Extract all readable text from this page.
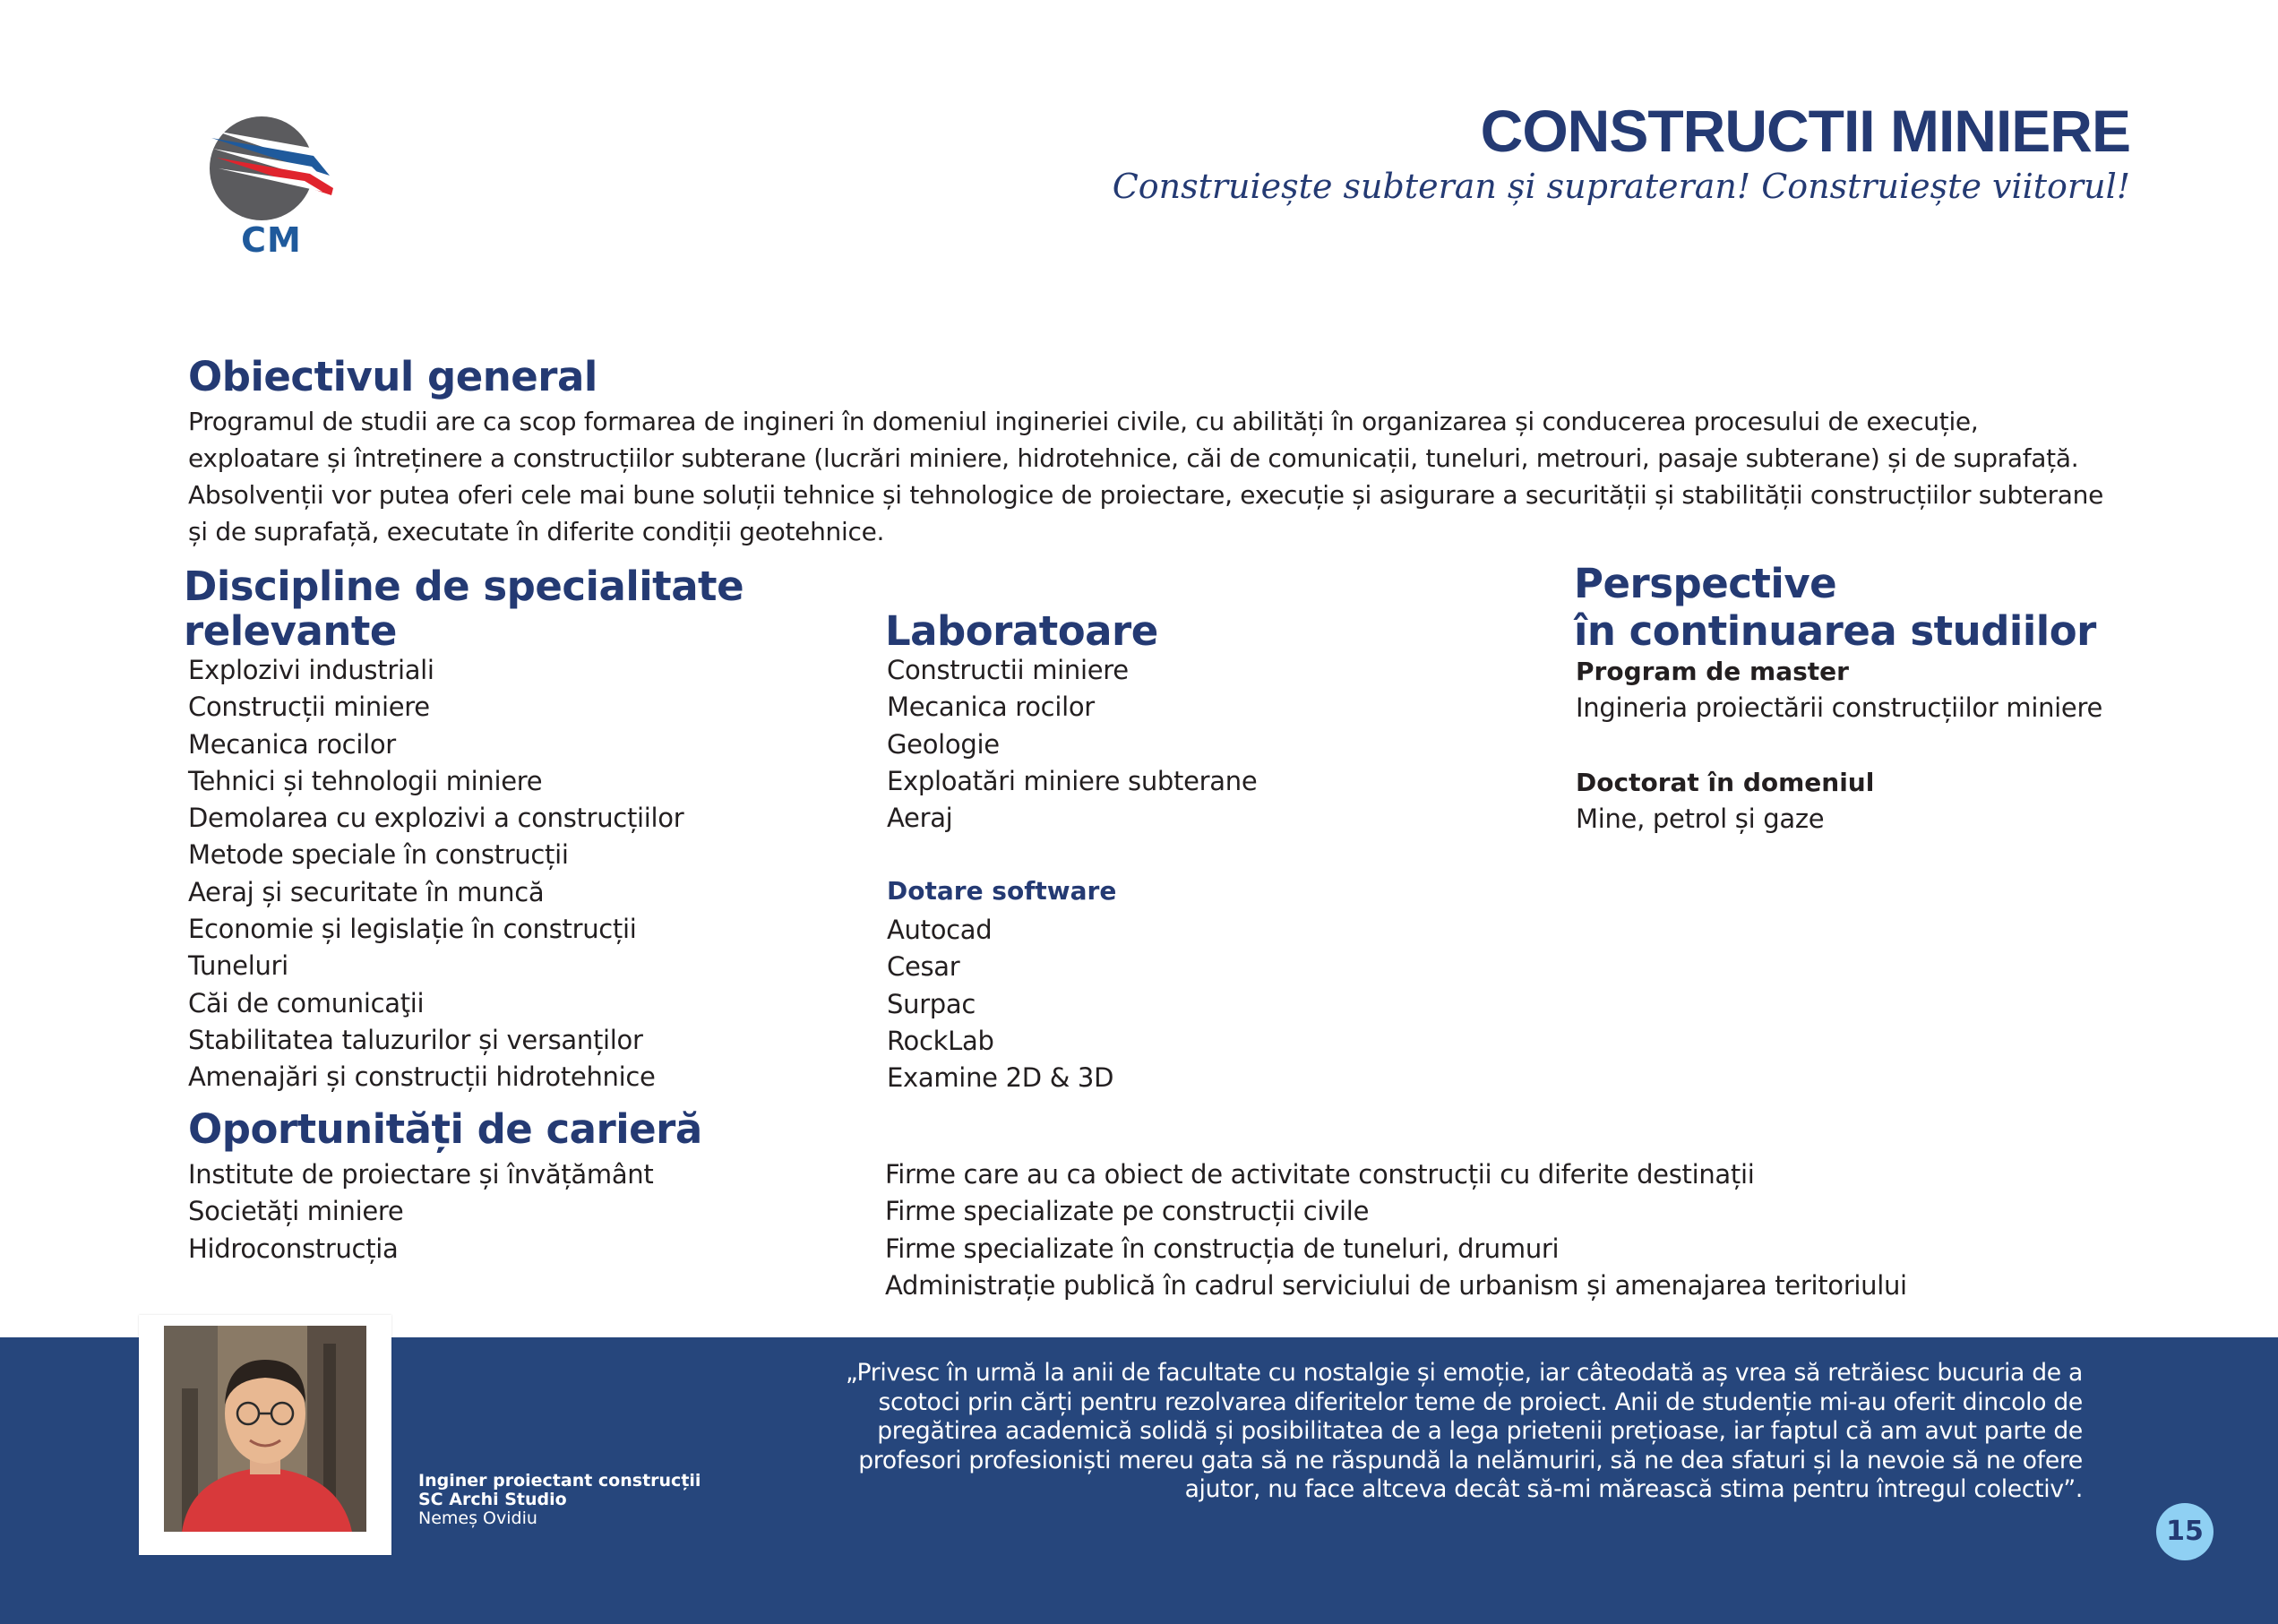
CM
CONSTRUCTII MINIERE
Construiește subteran și suprateran! Construiește viitorul!
Obiectivul general
Programul de studii are ca scop formarea de ingineri în domeniul ingineriei civile, cu abilități în organizarea și conducerea procesului de execuție, exploatare și întreținere a construcțiilor subterane (lucrări miniere, hidrotehnice, căi de comunicații, tuneluri, metrouri, pasaje subterane) și de suprafață. Absolvenții vor putea oferi cele mai bune soluții tehnice și tehnologice de proiectare, execuție și asigurare a securității și stabilității construcțiilor subterane și de suprafață, executate în diferite condiții geotehnice.
Discipline de specialitate
relevante
Explozivi industriali
Construcții miniere
Mecanica rocilor
Tehnici și tehnologii miniere
Demolarea cu explozivi a construcțiilor
Metode speciale în construcții
Aeraj și securitate în muncă
Economie și legislație în construcții
Tuneluri
Căi de comunicaţii
Stabilitatea taluzurilor și versanților
Amenajări și construcții hidrotehnice
Laboratoare
Constructii miniere
Mecanica rocilor
Geologie
Exploatări miniere subterane
Aeraj
Dotare software
Autocad
Cesar
Surpac
RockLab
Examine 2D & 3D
Perspective
în continuarea studiilor
Program de master
Ingineria proiectării construcțiilor miniere
Doctorat în domeniul
Mine, petrol și gaze
Oportunități de carieră
Institute de proiectare și învățământ
Societăți miniere
Hidroconstrucția
Firme care au ca obiect de activitate construcții cu diferite destinații
Firme specializate pe construcții civile
Firme specializate în construcția de tuneluri, drumuri
Administrație publică în cadrul serviciului de urbanism și amenajarea teritoriului
Inginer proiectant construcții
SC Archi Studio
Nemeș Ovidiu
„Privesc în urmă la anii de facultate cu nostalgie și emoție, iar câteodată aș vrea să retrăiesc bucuria de a scotoci prin cărți pentru rezolvarea diferitelor teme de proiect. Anii de studenție mi-au oferit dincolo de pregătirea academică solidă și posibilitatea de a lega prietenii prețioase, iar faptul că am avut parte de profesori profesioniști mereu gata să ne răspundă la nelămuriri, să ne dea sfaturi și la nevoie să ne ofere ajutor, nu face altceva decât să-mi mărească stima pentru întregul colectiv”.
15
